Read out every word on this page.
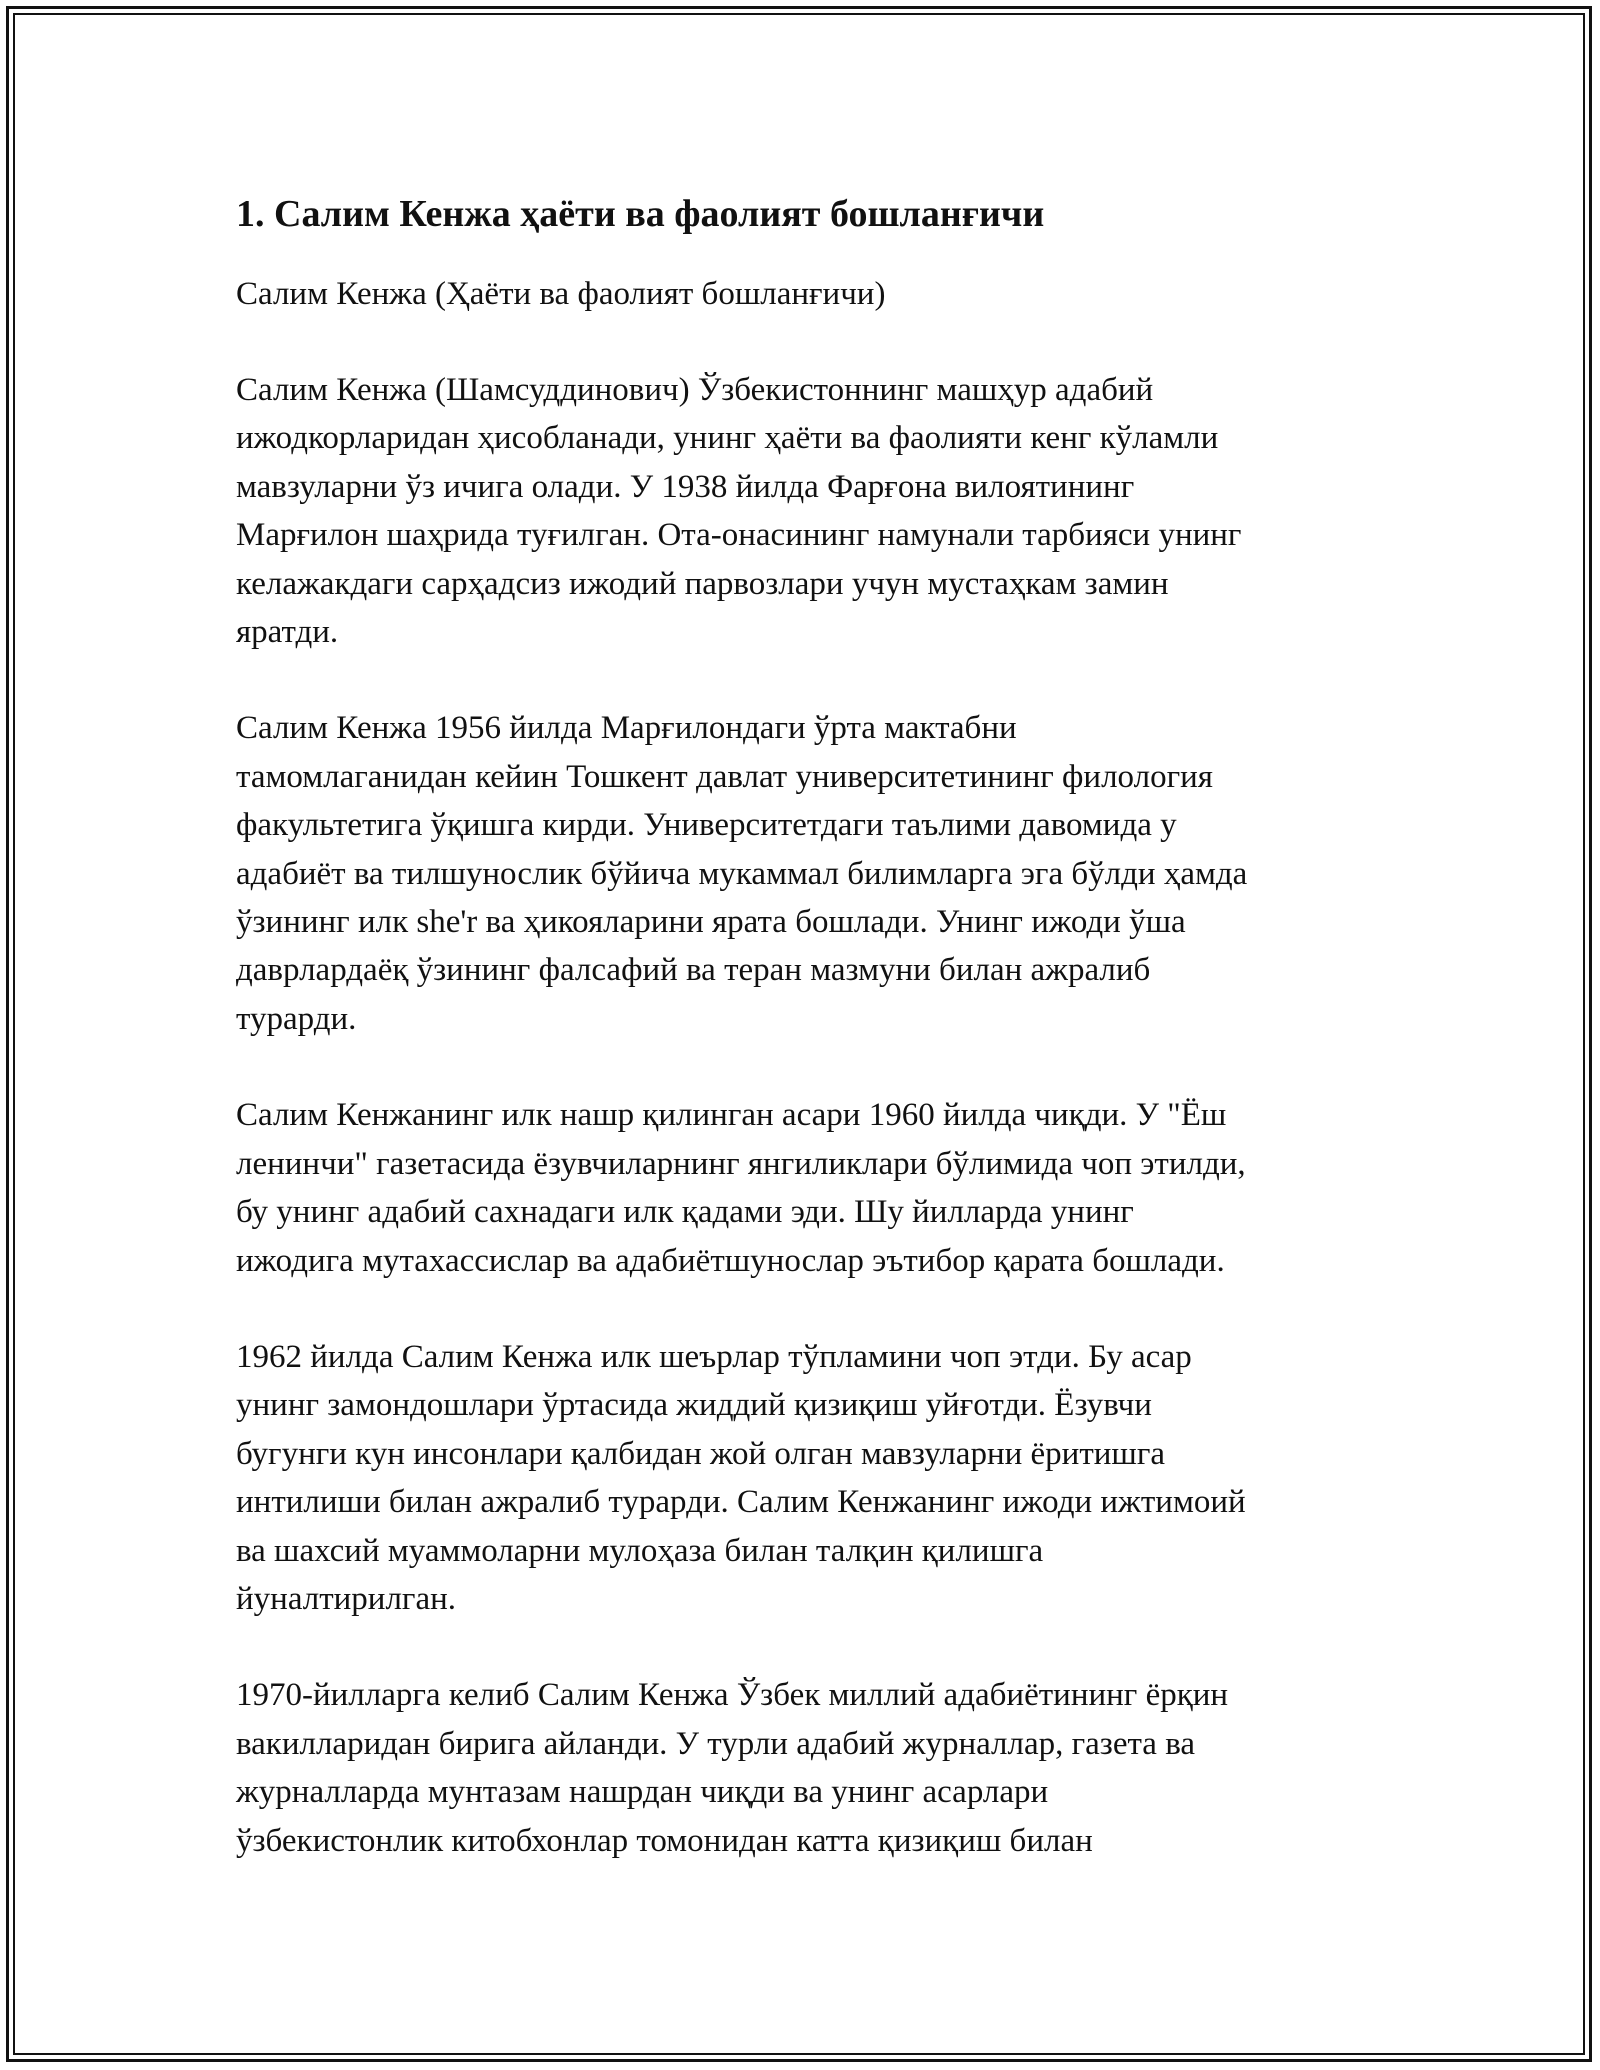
1. Салим Кенжа ҳаёти ва фаолият бошланғичи
Салим Кенжа (Ҳаёти ва фаолият бошланғичи)
Салим Кенжа (Шамсуддинович) Ўзбекистоннинг машҳур адабий
ижодкорларидан ҳисобланади, унинг ҳаёти ва фаолияти кенг кўламли
мавзуларни ўз ичига олади. У 1938 йилда Фарғона вилоятининг
Марғилон шаҳрида туғилган. Ота-онасининг намунали тарбияси унинг
келажакдаги сарҳадсиз ижодий парвозлари учун мустаҳкам замин
яратди.
Салим Кенжа 1956 йилда Марғилондаги ўрта мактабни
тамомлаганидан кейин Тошкент давлат университетининг филология
факультетига ўқишга кирди. Университетдаги таълими давомида у
адабиёт ва тилшунослик бўйича мукаммал билимларга эга бўлди ҳамда
ўзининг илк she'r ва ҳикояларини ярата бошлади. Унинг ижоди ўша
даврлардаёқ ўзининг фалсафий ва теран мазмуни билан ажралиб
турарди.
Салим Кенжанинг илк нашр қилинган асари 1960 йилда чиқди. У "Ёш
ленинчи" газетасида ёзувчиларнинг янгиликлари бўлимида чоп этилди,
бу унинг адабий сахнадаги илк қадами эди. Шу йилларда унинг
ижодига мутахассислар ва адабиётшунослар эътибор қарата бошлади.
1962 йилда Салим Кенжа илк шеърлар тўпламини чоп этди. Бу асар
унинг замондошлари ўртасида жиддий қизиқиш уйғотди. Ёзувчи
бугунги кун инсонлари қалбидан жой олган мавзуларни ёритишга
интилиши билан ажралиб турарди. Салим Кенжанинг ижоди ижтимоий
ва шахсий муаммоларни мулоҳаза билан талқин қилишга
йуналтирилган.
1970-йилларга келиб Салим Кенжа Ўзбек миллий адабиётининг ёрқин
вакилларидан бирига айланди. У турли адабий журналлар, газета ва
журналларда мунтазам нашрдан чиқди ва унинг асарлари
ўзбекистонлик китобхонлар томонидан катта қизиқиш билан
